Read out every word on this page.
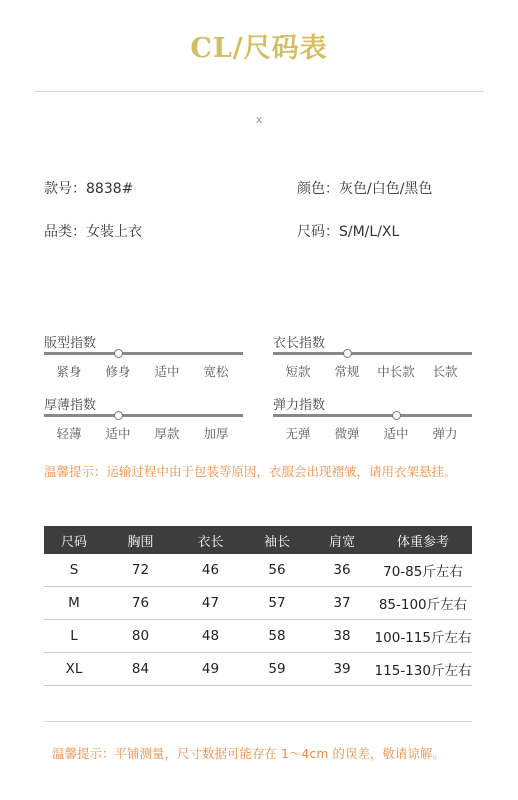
CL/尺码表
x
款号：8838#	颜色：灰色/白色/黑色
品类：女装上衣	尺码：S/M/L/XL
版型指数
紧身	修身	适中	宽松
衣长指数
短款	常规	中长款	长款
厚薄指数
轻薄	适中	厚款	加厚
弹力指数
无弹	微弹	适中	弹力
温馨提示：运输过程中由于包装等原因，衣服会出现褶皱，请用衣架悬挂。
尺码	胸围	衣长	袖长	肩宽	体重参考
S	72	46	56	36	70-85斤左右
M	76	47	57	37	85-100斤左右
L	80	48	58	38	100-115斤左右
XL	84	49	59	39	115-130斤左右
温馨提示：平铺测量，尺寸数据可能存在 1～4cm 的误差，敬请谅解。
